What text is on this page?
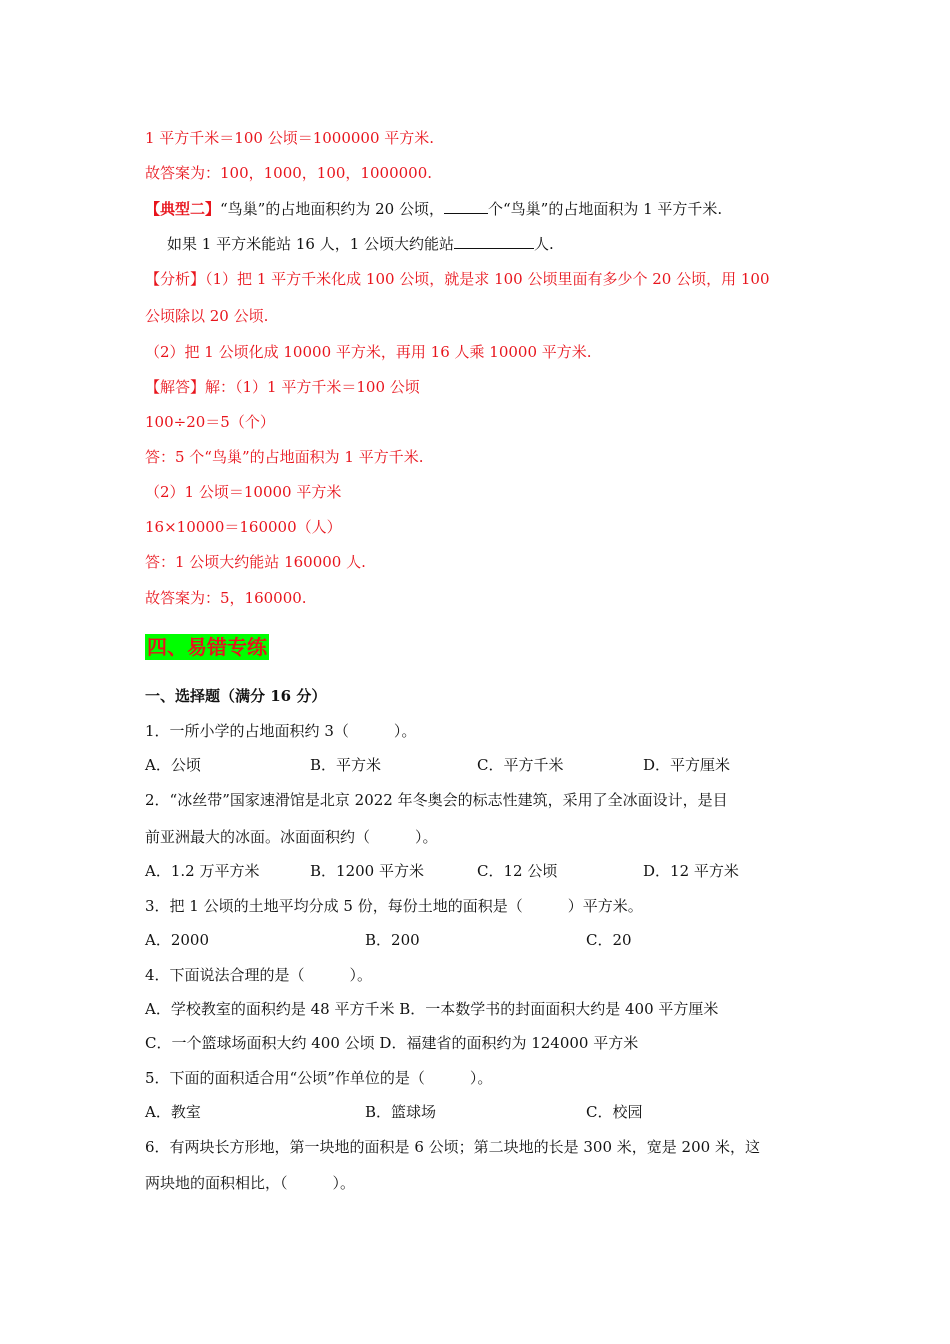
1 平方千米＝100 公顷＝1000000 平方米.
故答案为：100，1000，100，1000000.
【典型二】“鸟巢”的占地面积约为 20 公顷，	个“鸟巢”的占地面积为 1 平方千米.
如果 1 平方米能站 16 人，1 公顷大约能站	人.
【分析】（1）把 1 平方千米化成 100 公顷，就是求 100 公顷里面有多少个 20 公顷，用 100
公顷除以 20 公顷.
（2）把 1 公顷化成 10000 平方米，再用 16 人乘 10000 平方米.
【解答】解：（1）1 平方千米＝100 公顷
100÷20＝5（个）
答：5 个“鸟巢”的占地面积为 1 平方千米.
（2）1 公顷＝10000 平方米
16×10000＝160000（人）
答：1 公顷大约能站 160000 人.
故答案为：5，160000.
四、易错专练
一、选择题（满分 16 分）
1．一所小学的占地面积约 3（　　　）。
A．公顷	B．平方米	C．平方千米	D．平方厘米
2．“冰丝带”国家速滑馆是北京 2022 年冬奥会的标志性建筑，采用了全冰面设计，是目
前亚洲最大的冰面。冰面面积约（　　　）。
A．1.2 万平方米	B．1200 平方米	C．12 公顷	D．12 平方米
3．把 1 公顷的土地平均分成 5 份，每份土地的面积是（　　　）平方米。
A．2000	B．200	C．20
4．下面说法合理的是（　　　）。
A．学校教室的面积约是 48 平方千米 B．一本数学书的封面面积大约是 400 平方厘米
C．一个篮球场面积大约 400 公顷 D．福建省的面积约为 124000 平方米
5．下面的面积适合用“公顷”作单位的是（　　　）。
A．教室	B．篮球场	C．校园
6．有两块长方形地，第一块地的面积是 6 公顷；第二块地的长是 300 米，宽是 200 米，这
两块地的面积相比，（　　　）。
